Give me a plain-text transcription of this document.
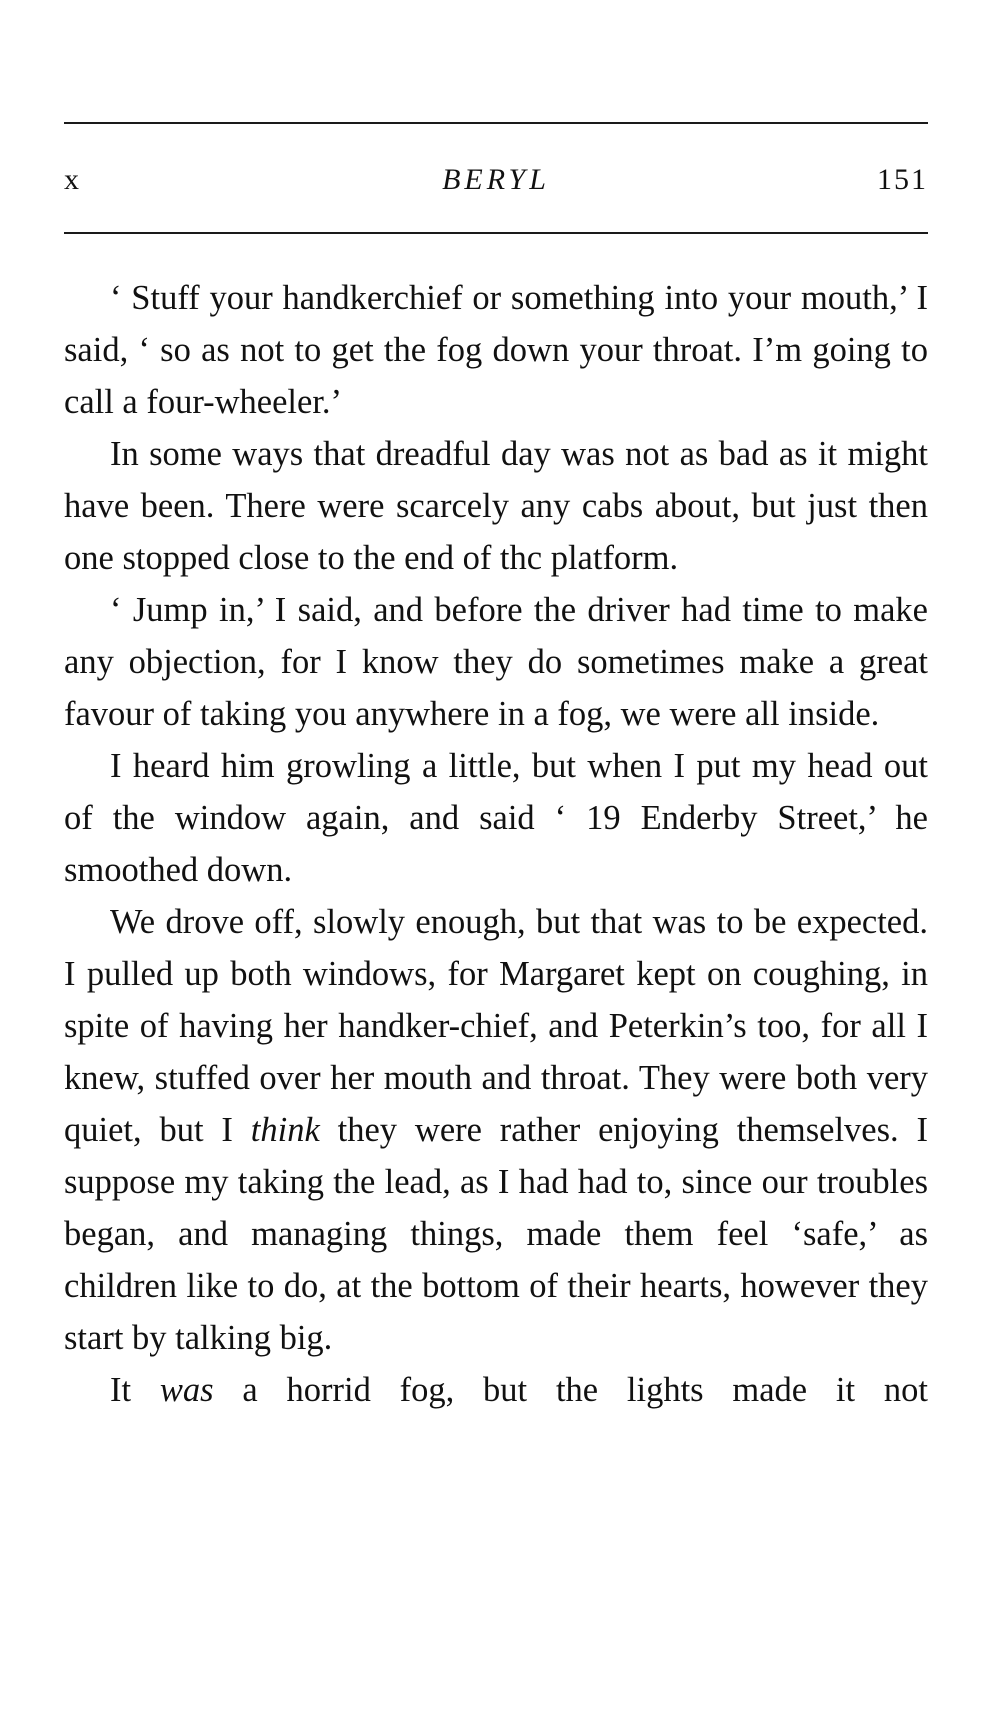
x	BERYL	151

‘ Stuff your handkerchief or something into your mouth,’ I said, ‘ so as not to get the fog down your throat. I’m going to call a four-wheeler.’

In some ways that dreadful day was not as bad as it might have been. There were scarcely any cabs about, but just then one stopped close to the end of thc platform.

‘ Jump in,’ I said, and before the driver had time to make any objection, for I know they do sometimes make a great favour of taking you anywhere in a fog, we were all inside.

I heard him growling a little, but when I put my head out of the window again, and said ‘ 19 Enderby Street,’ he smoothed down.

We drove off, slowly enough, but that was to be expected. I pulled up both windows, for Margaret kept on coughing, in spite of having her handker-chief, and Peterkin’s too, for all I knew, stuffed over her mouth and throat. They were both very quiet, but I think they were rather enjoying themselves. I suppose my taking the lead, as I had had to, since our troubles began, and managing things, made them feel ‘safe,’ as children like to do, at the bottom of their hearts, however they start by talking big.

It was a horrid fog, but the lights made it not
